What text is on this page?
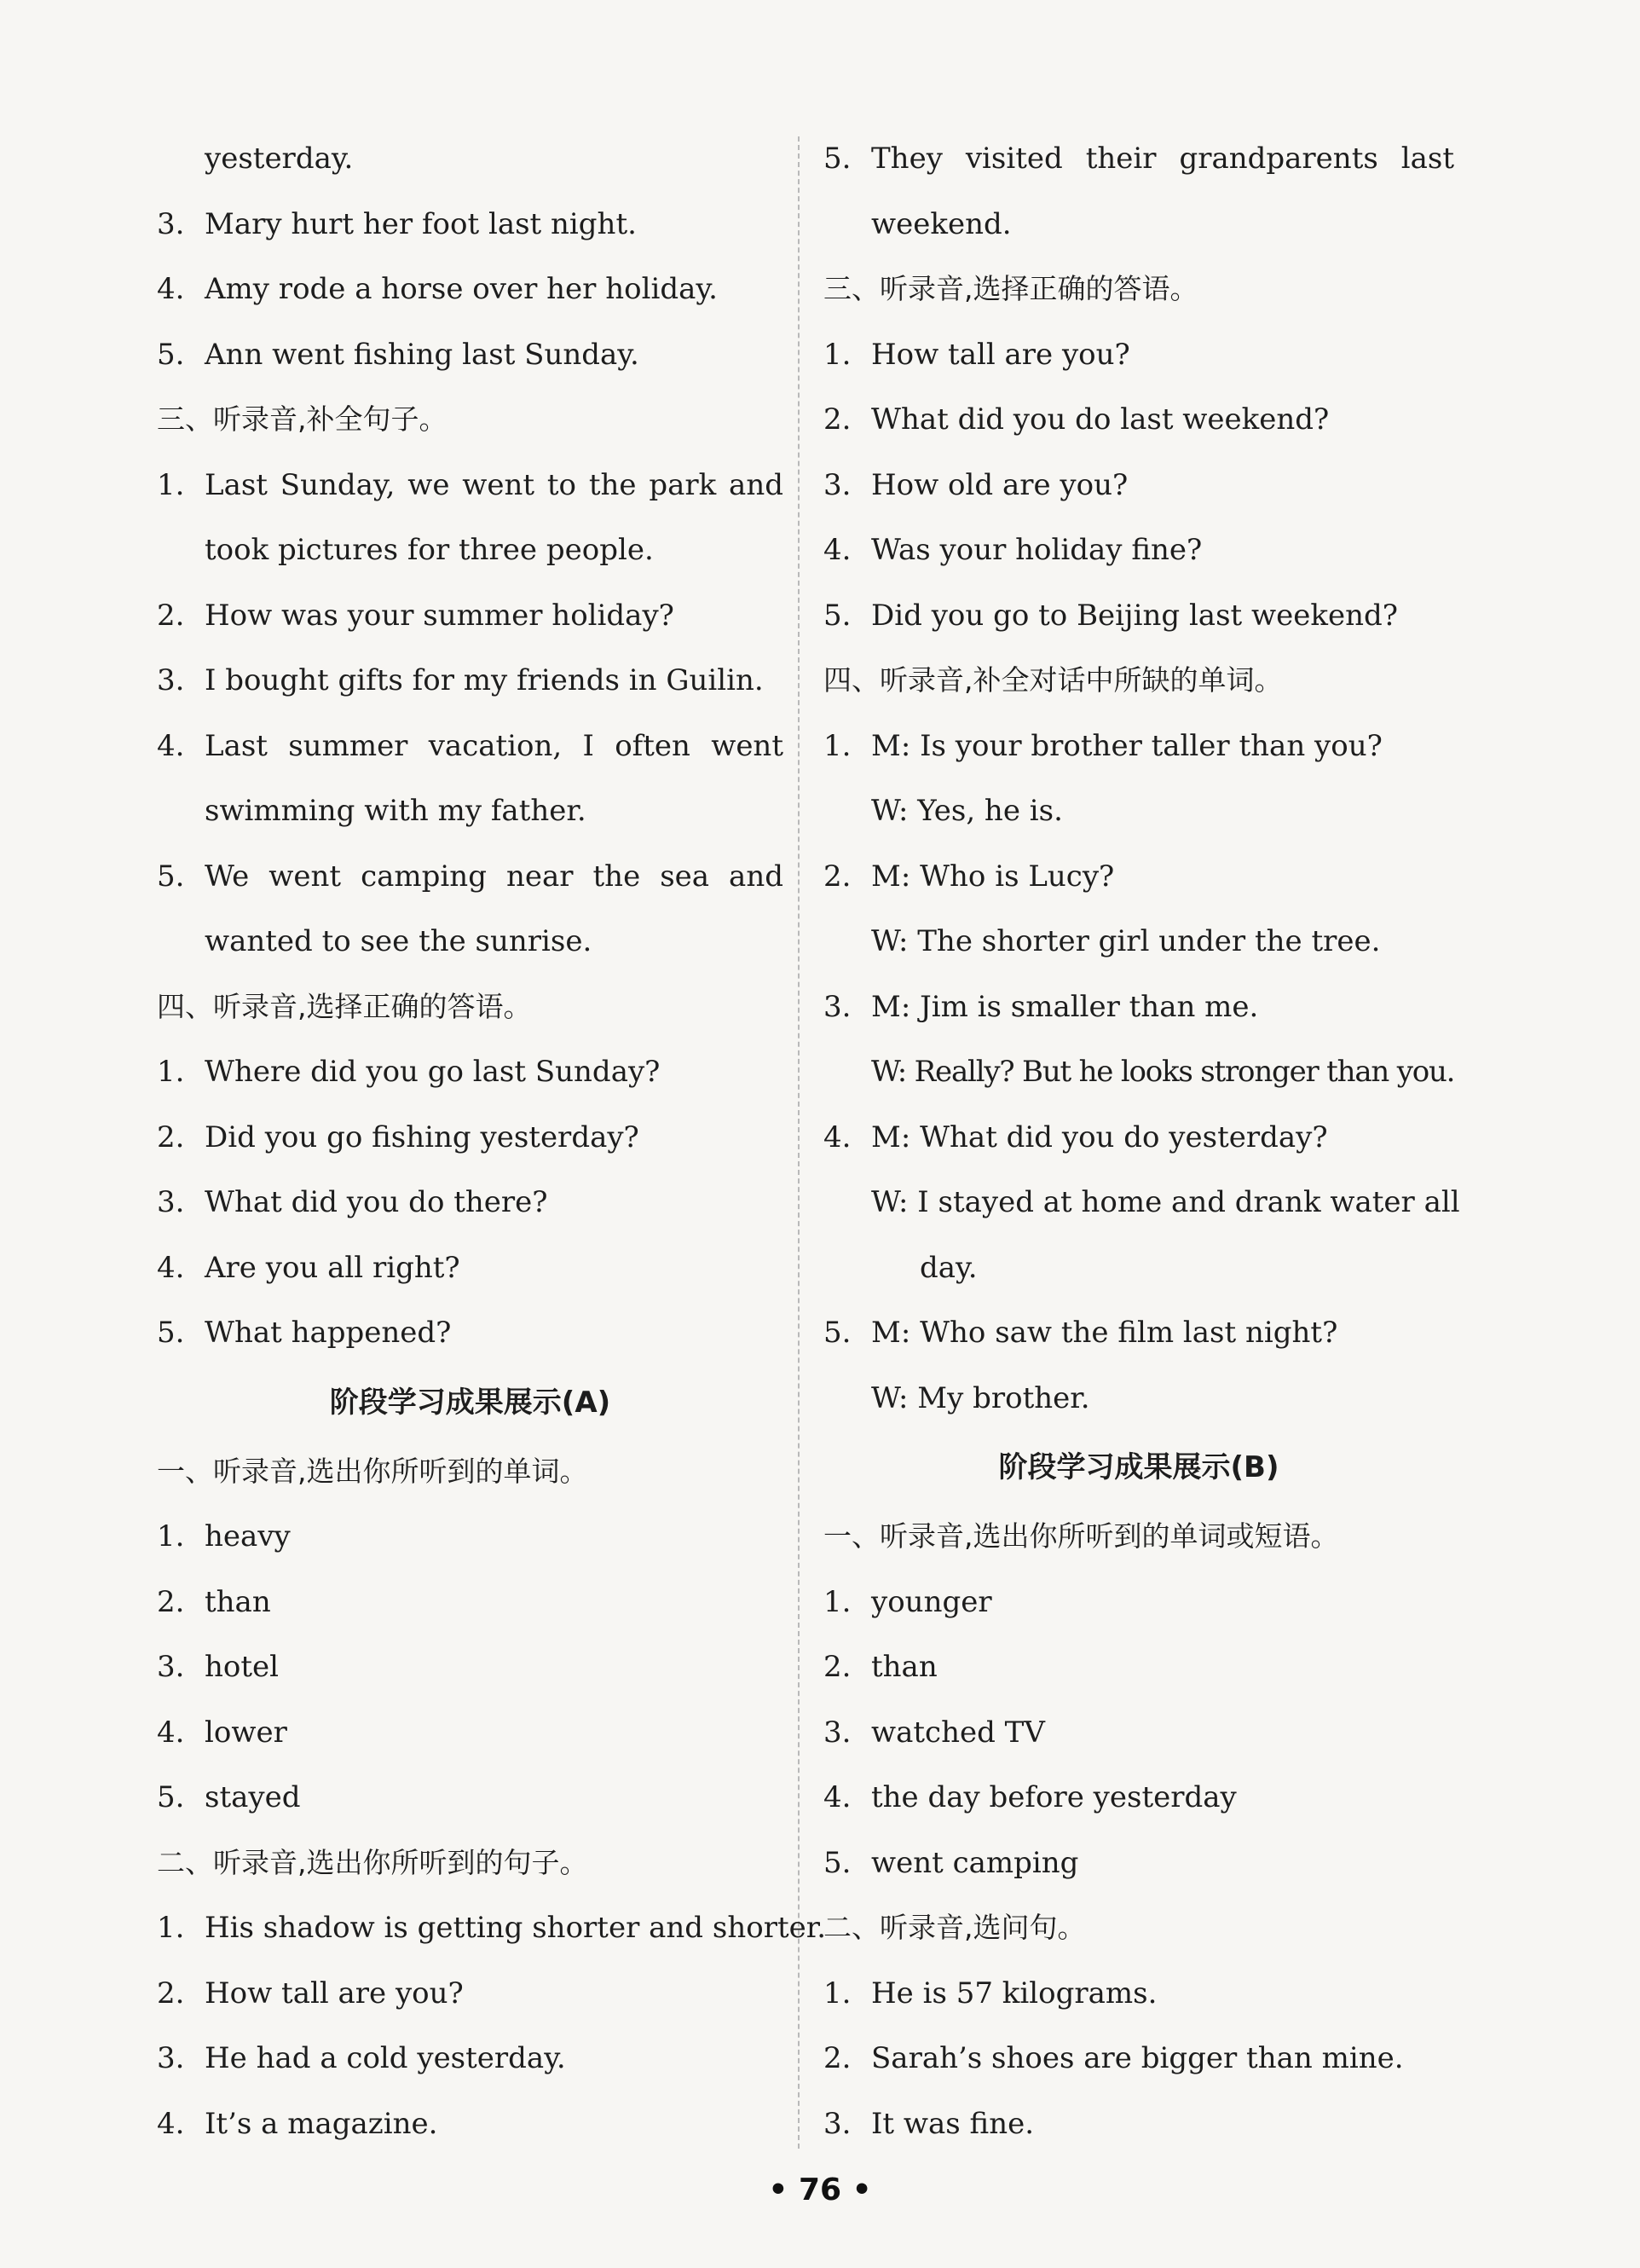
yesterday.
3. Mary hurt her foot last night.
4. Amy rode a horse over her holiday.
5. Ann went fishing last Sunday.
三、听录音,补全句子。
1. Last Sunday, we went to the park and
took pictures for three people.
2. How was your summer holiday?
3. I bought gifts for my friends in Guilin.
4. Last summer vacation, I often went
swimming with my father.
5. We went camping near the sea and
wanted to see the sunrise.
四、听录音,选择正确的答语。
1. Where did you go last Sunday?
2. Did you go fishing yesterday?
3. What did you do there?
4. Are you all right?
5. What happened?
阶段学习成果展示(A)
一、听录音,选出你所听到的单词。
1. heavy
2. than
3. hotel
4. lower
5. stayed
二、听录音,选出你所听到的句子。
1. His shadow is getting shorter and shorter.
2. How tall are you?
3. He had a cold yesterday.
4. It’s a magazine.
5. They visited their grandparents last
weekend.
三、听录音,选择正确的答语。
1. How tall are you?
2. What did you do last weekend?
3. How old are you?
4. Was your holiday fine?
5. Did you go to Beijing last weekend?
四、听录音,补全对话中所缺的单词。
1. M: Is your brother taller than you?
W: Yes, he is.
2. M: Who is Lucy?
W: The shorter girl under the tree.
3. M: Jim is smaller than me.
W: Really? But he looks stronger than you.
4. M: What did you do yesterday?
W: I stayed at home and drank water all
day.
5. M: Who saw the film last night?
W: My brother.
阶段学习成果展示(B)
一、听录音,选出你所听到的单词或短语。
1. younger
2. than
3. watched TV
4. the day before yesterday
5. went camping
二、听录音,选问句。
1. He is 57 kilograms.
2. Sarah’s shoes are bigger than mine.
3. It was fine.
• 76 •
